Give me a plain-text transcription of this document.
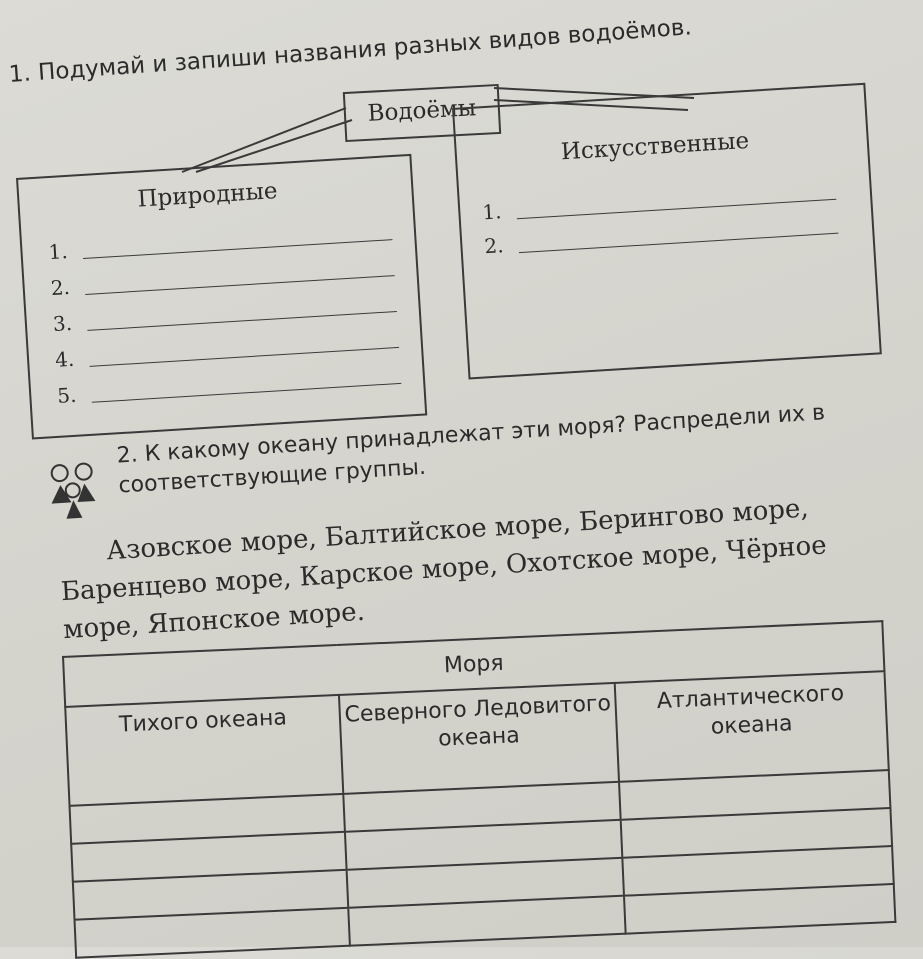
1. Подумай и запиши названия разных видов водоёмов.
Водоёмы
Природные
1.
2.
3.
4.
5.
Искусственные
1.
2.
2. К какому океану принадлежат эти моря? Распредели их в соответствующие группы.
Азовское море, Балтийское море, Берингово море, Баренцево море, Карское море, Охотское море, Чёрное море, Японское море.
Моря		
Тихого океана	Северного Ледовитого океана	Атлантического океана
